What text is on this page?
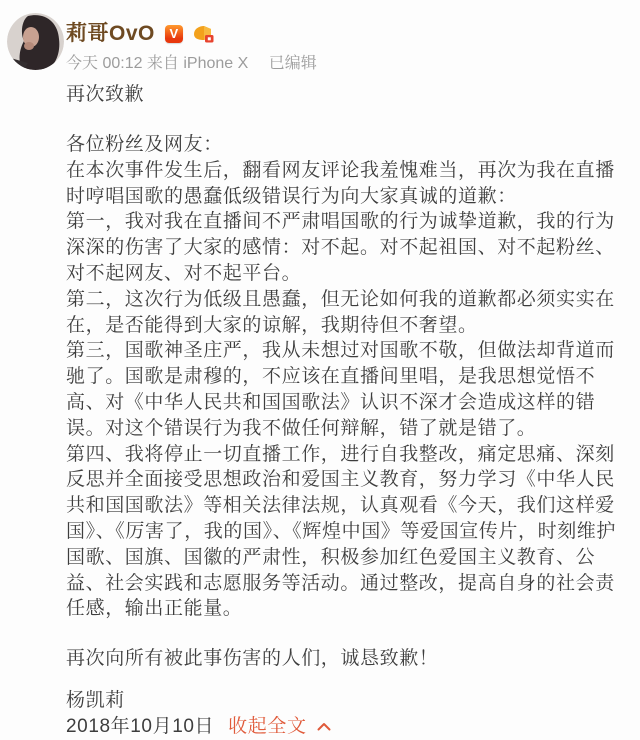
莉哥OvO	V
今天 00:12 来自 iPhone X 已编辑
再次致歉

各位粉丝及网友：

在本次事件发生后，翻看网友评论我羞愧难当，再次为我在直播时哼唱国歌的愚蠢低级错误行为向大家真诚的道歉：

第一，我对我在直播间不严肃唱国歌的行为诚挚道歉，我的行为深深的伤害了大家的感情：对不起。对不起祖国、对不起粉丝、对不起网友、对不起平台。

第二，这次行为低级且愚蠢，但无论如何我的道歉都必须实实在在，是否能得到大家的谅解，我期待但不奢望。

第三，国歌神圣庄严，我从未想过对国歌不敬，但做法却背道而驰了。国歌是肃穆的，不应该在直播间里唱，是我思想觉悟不高、对《中华人民共和国国歌法》认识不深才会造成这样的错误。对这个错误行为我不做任何辩解，错了就是错了。

第四、我将停止一切直播工作，进行自我整改，痛定思痛、深刻反思并全面接受思想政治和爱国主义教育，努力学习《中华人民共和国国歌法》等相关法律法规，认真观看《今天，我们这样爱国》、《厉害了，我的国》、《辉煌中国》等爱国宣传片，时刻维护国歌、国旗、国徽的严肃性，积极参加红色爱国主义教育、公益、社会实践和志愿服务等活动。通过整改，提高自身的社会责任感，输出正能量。

再次向所有被此事伤害的人们，诚恳致歉！

杨凯莉

2018年10月10日 收起全文
